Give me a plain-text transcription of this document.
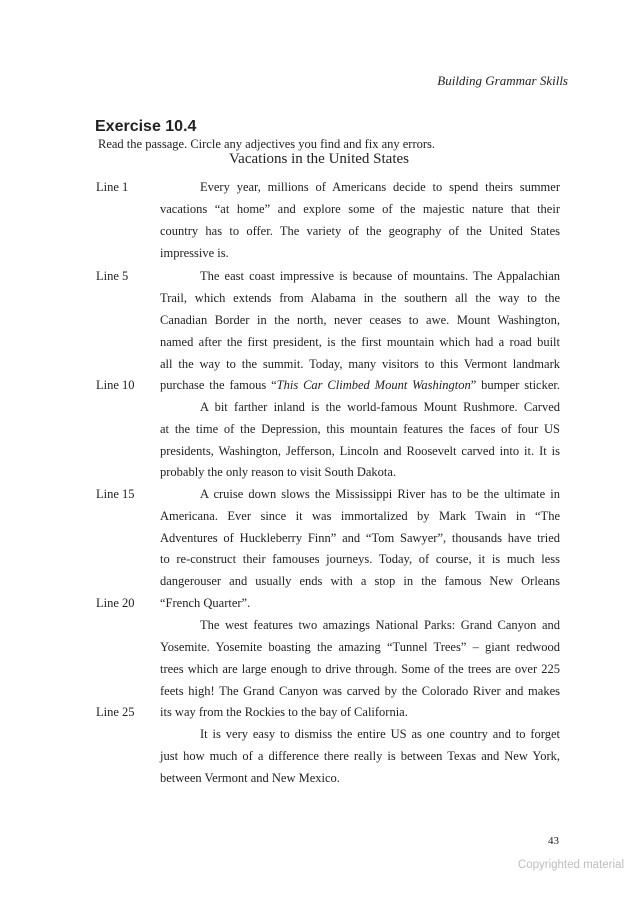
Building Grammar Skills
Exercise 10.4
Read the passage. Circle any adjectives you find and fix any errors.
Vacations in the United States
Line 1
Line 5
Line 10
Line 15
Line 20
Line 25
Every year, millions of Americans decide to spend theirs summer
vacations “at home” and explore some of the majestic nature that their
country has to offer. The variety of the geography of the United States
impressive is.
The east coast impressive is because of mountains. The Appalachian
Trail, which extends from Alabama in the southern all the way to the
Canadian Border in the north, never ceases to awe. Mount Washington,
named after the first president, is the first mountain which had a road built
all the way to the summit. Today, many visitors to this Vermont landmark
purchase the famous “This Car Climbed Mount Washington” bumper sticker.
A bit farther inland is the world-famous Mount Rushmore. Carved
at the time of the Depression, this mountain features the faces of four US
presidents, Washington, Jefferson, Lincoln and Roosevelt carved into it. It is
probably the only reason to visit South Dakota.
A cruise down slows the Mississippi River has to be the ultimate in
Americana. Ever since it was immortalized by Mark Twain in “The
Adventures of Huckleberry Finn” and “Tom Sawyer”, thousands have tried
to re-construct their famouses journeys. Today, of course, it is much less
dangerouser and usually ends with a stop in the famous New Orleans
“French Quarter”.
The west features two amazings National Parks: Grand Canyon and
Yosemite. Yosemite boasting the amazing “Tunnel Trees” – giant redwood
trees which are large enough to drive through. Some of the trees are over 225
feets high! The Grand Canyon was carved by the Colorado River and makes
its way from the Rockies to the bay of California.
It is very easy to dismiss the entire US as one country and to forget
just how much of a difference there really is between Texas and New York,
between Vermont and New Mexico.
43
Copyrighted material
